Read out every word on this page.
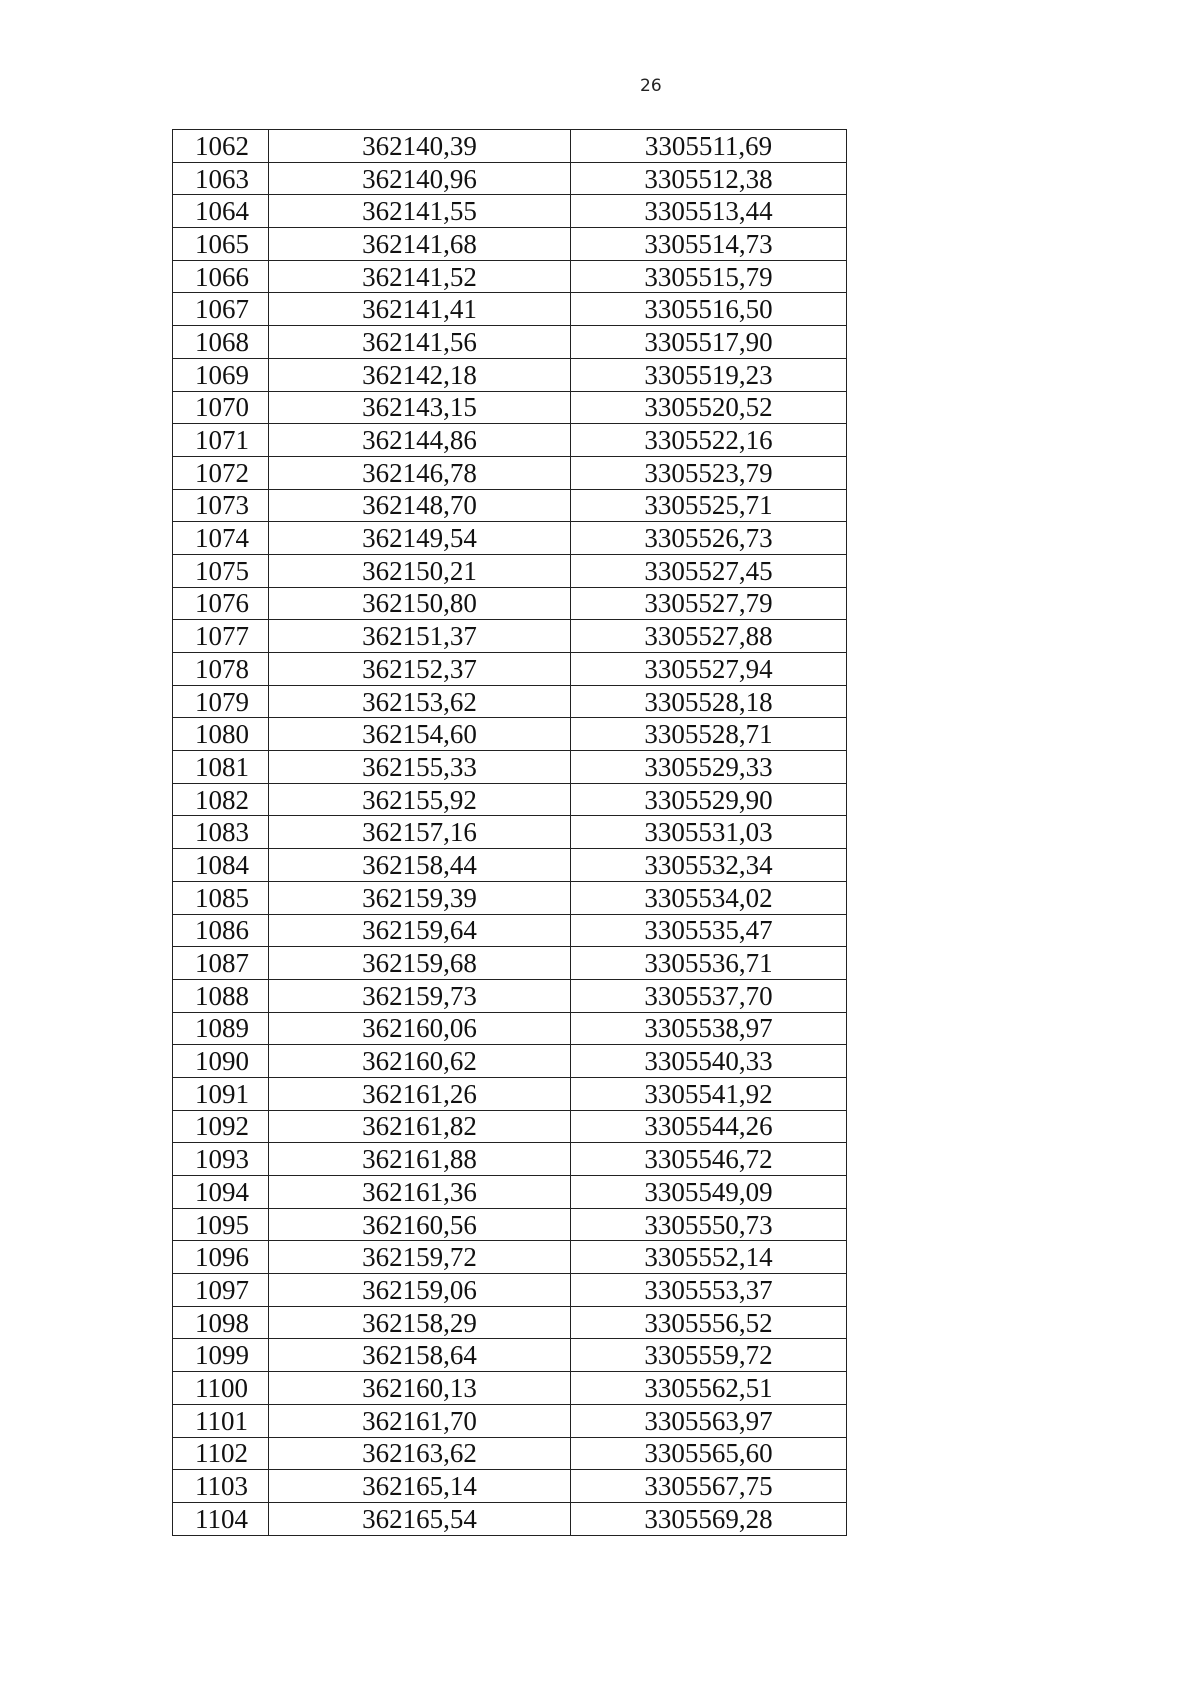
26
1062	362140,39	3305511,69
1063	362140,96	3305512,38
1064	362141,55	3305513,44
1065	362141,68	3305514,73
1066	362141,52	3305515,79
1067	362141,41	3305516,50
1068	362141,56	3305517,90
1069	362142,18	3305519,23
1070	362143,15	3305520,52
1071	362144,86	3305522,16
1072	362146,78	3305523,79
1073	362148,70	3305525,71
1074	362149,54	3305526,73
1075	362150,21	3305527,45
1076	362150,80	3305527,79
1077	362151,37	3305527,88
1078	362152,37	3305527,94
1079	362153,62	3305528,18
1080	362154,60	3305528,71
1081	362155,33	3305529,33
1082	362155,92	3305529,90
1083	362157,16	3305531,03
1084	362158,44	3305532,34
1085	362159,39	3305534,02
1086	362159,64	3305535,47
1087	362159,68	3305536,71
1088	362159,73	3305537,70
1089	362160,06	3305538,97
1090	362160,62	3305540,33
1091	362161,26	3305541,92
1092	362161,82	3305544,26
1093	362161,88	3305546,72
1094	362161,36	3305549,09
1095	362160,56	3305550,73
1096	362159,72	3305552,14
1097	362159,06	3305553,37
1098	362158,29	3305556,52
1099	362158,64	3305559,72
1100	362160,13	3305562,51
1101	362161,70	3305563,97
1102	362163,62	3305565,60
1103	362165,14	3305567,75
1104	362165,54	3305569,28
